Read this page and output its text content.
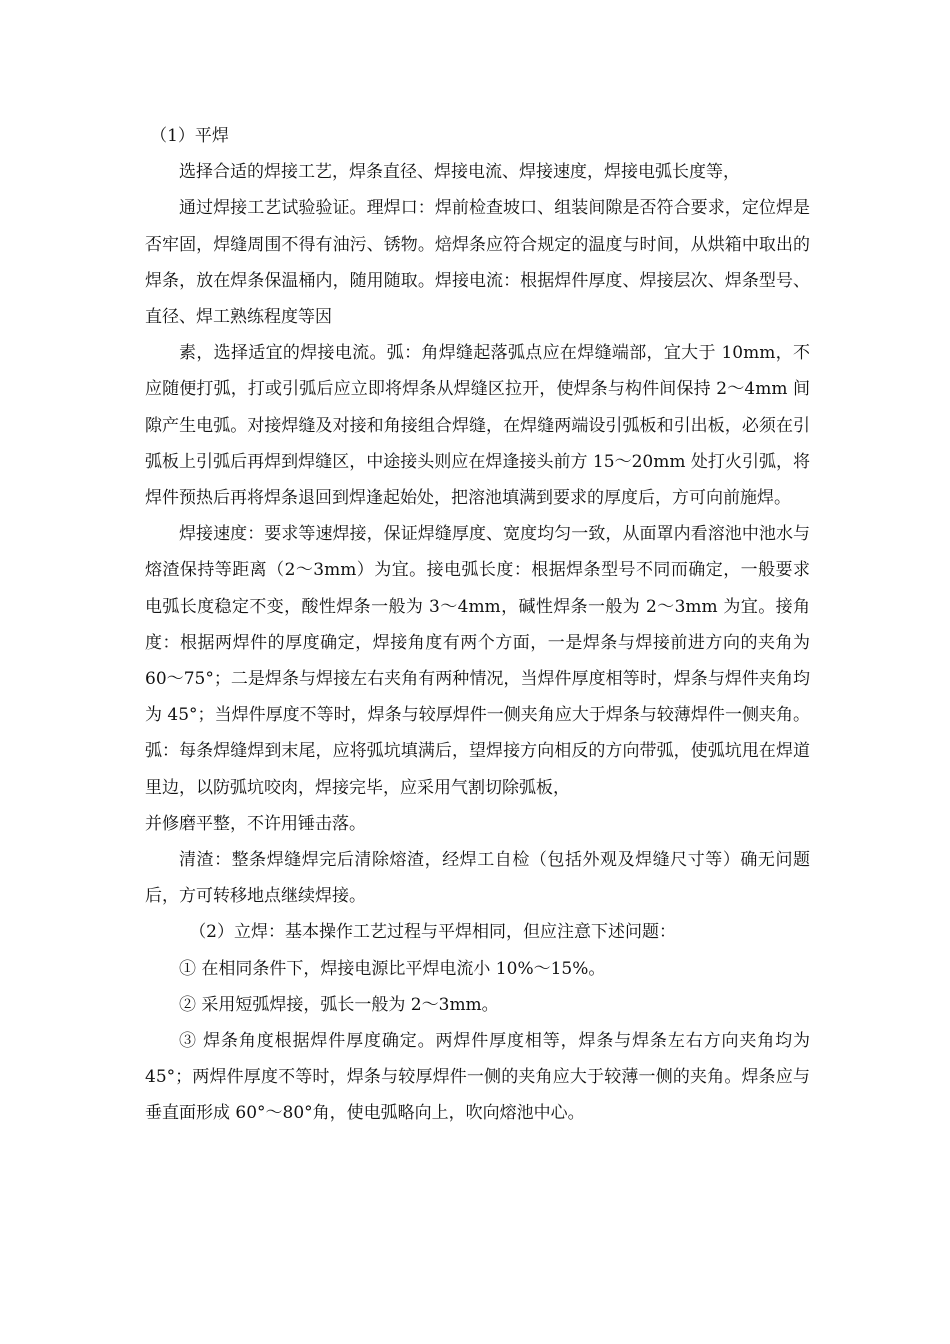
（1）平焊

选择合适的焊接工艺，焊条直径、焊接电流、焊接速度，焊接电弧长度等，

通过焊接工艺试验验证。理焊口：焊前检查坡口、组装间隙是否符合要求，定位焊是否牢固，焊缝周围不得有油污、锈物。焙焊条应符合规定的温度与时间，从烘箱中取出的焊条，放在焊条保温桶内，随用随取。焊接电流：根据焊件厚度、焊接层次、焊条型号、直径、焊工熟练程度等因

素，选择适宜的焊接电流。弧：角焊缝起落弧点应在焊缝端部，宜大于 10mm，不应随便打弧，打或引弧后应立即将焊条从焊缝区拉开，使焊条与构件间保持 2～4mm 间隙产生电弧。对接焊缝及对接和角接组合焊缝，在焊缝两端设引弧板和引出板，必须在引弧板上引弧后再焊到焊缝区，中途接头则应在焊逢接头前方 15～20mm 处打火引弧，将焊件预热后再将焊条退回到焊逢起始处，把溶池填满到要求的厚度后，方可向前施焊。

焊接速度：要求等速焊接，保证焊缝厚度、宽度均匀一致，从面罩内看溶池中池水与熔渣保持等距离（2～3mm）为宜。接电弧长度：根据焊条型号不同而确定，一般要求电弧长度稳定不变，酸性焊条一般为 3～4mm，碱性焊条一般为 2～3mm 为宜。接角度：根据两焊件的厚度确定，焊接角度有两个方面，一是焊条与焊接前进方向的夹角为 60～75°；二是焊条与焊接左右夹角有两种情况，当焊件厚度相等时，焊条与焊件夹角均为 45°；当焊件厚度不等时，焊条与较厚焊件一侧夹角应大于焊条与较薄焊件一侧夹角。弧：每条焊缝焊到末尾，应将弧坑填满后，望焊接方向相反的方向带弧，使弧坑甩在焊道里边，以防弧坑咬肉，焊接完毕，应采用气割切除弧板，

并修磨平整，不许用锤击落。

清渣：整条焊缝焊完后清除熔渣，经焊工自检（包括外观及焊缝尺寸等）确无问题后，方可转移地点继续焊接。

（2）立焊：基本操作工艺过程与平焊相同，但应注意下述问题：

① 在相同条件下，焊接电源比平焊电流小 10%～15%。

② 采用短弧焊接，弧长一般为 2～3mm。

③ 焊条角度根据焊件厚度确定。两焊件厚度相等，焊条与焊条左右方向夹角均为 45°；两焊件厚度不等时，焊条与较厚焊件一侧的夹角应大于较薄一侧的夹角。焊条应与垂直面形成 60°～80°角，使电弧略向上，吹向熔池中心。
